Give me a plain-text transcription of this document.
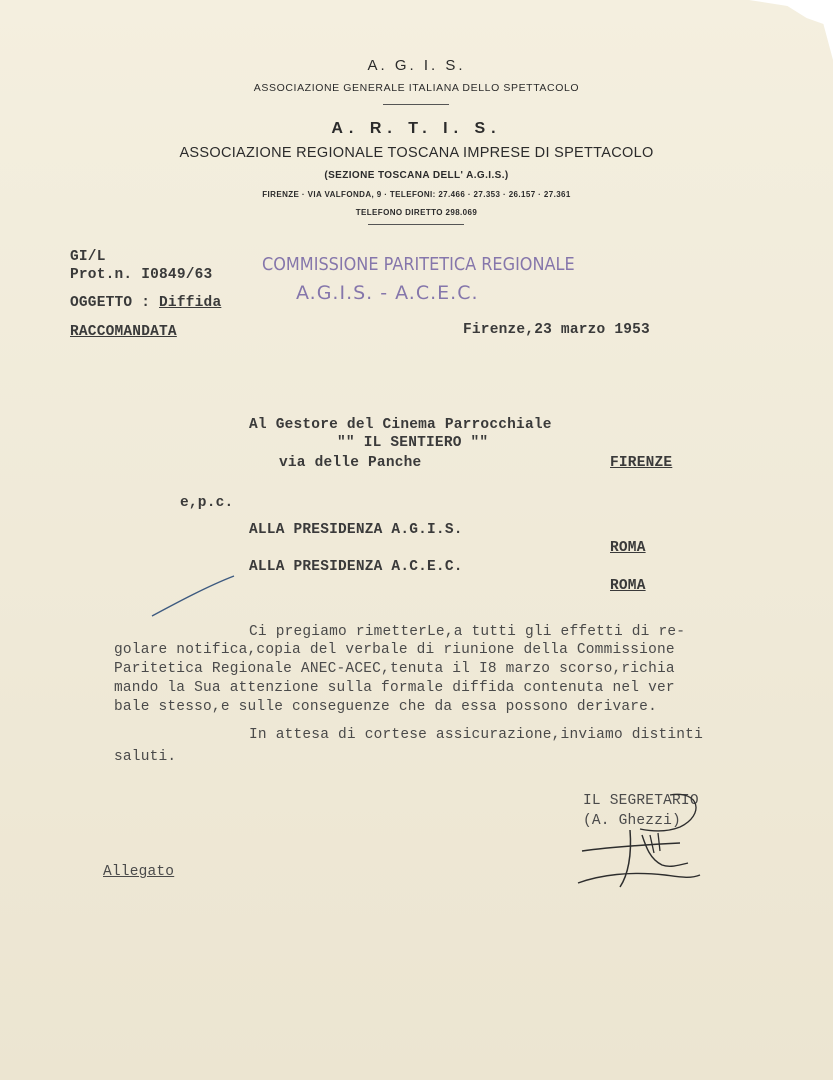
A. G. I. S.
ASSOCIAZIONE GENERALE ITALIANA DELLO SPETTACOLO
A. R. T. I. S.
ASSOCIAZIONE REGIONALE TOSCANA IMPRESE DI SPETTACOLO
(SEZIONE TOSCANA DELL' A.G.I.S.)
FIRENZE · VIA VALFONDA, 9 · TELEFONI: 27.466 · 27.353 · 26.157 · 27.361
TELEFONO DIRETTO 298.069
GI/L
Prot.n. I0849/63
OGGETTO : Diffida
RACCOMANDATA
COMMISSIONE PARITETICA REGIONALE
A.G.I.S. - A.C.E.C.
Firenze,23 marzo 1953
Al Gestore del Cinema Parrocchiale
"" IL SENTIERO ""
via delle Panche	FIRENZE
e,p.c.
ALLA PRESIDENZA A.G.I.S.
ROMA
ALLA PRESIDENZA A.C.E.C.
ROMA
Ci pregiamo rimetterLe,a tutti gli effetti di re-
golare notifica,copia del verbale di riunione della Commissione
Paritetica Regionale ANEC-ACEC,tenuta il I8 marzo scorso,richia
mando la Sua attenzione sulla formale diffida contenuta nel ver
bale stesso,e sulle conseguenze che da essa possono derivare.
In attesa di cortese assicurazione,inviamo distinti
saluti.
IL SEGRETARIO
(A. Ghezzi)
Allegato
